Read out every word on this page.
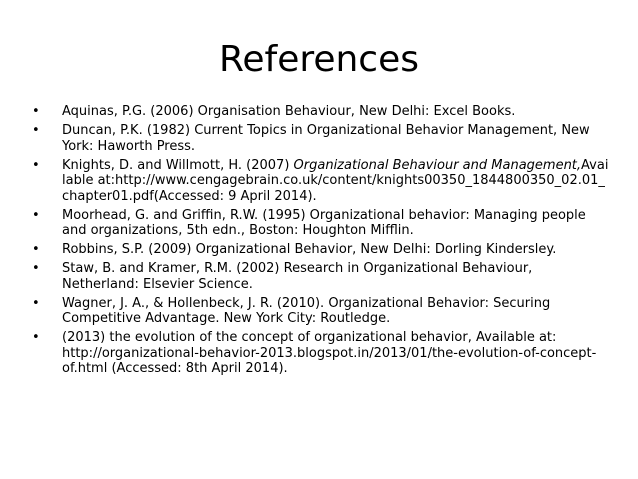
References
• Aquinas, P.G. (2006) Organisation Behaviour, New Delhi: Excel Books.
• Duncan, P.K. (1982) Current Topics in Organizational Behavior Management, New York: Haworth Press.
• Knights, D. and Willmott, H. (2007) Organizational Behaviour and Management,Available at:http://www.cengagebrain.co.uk/content/knights00350_1844800350_02.01_chapter01.pdf(Accessed: 9 April 2014).
• Moorhead, G. and Griffin, R.W. (1995) Organizational behavior: Managing people and organizations, 5th edn., Boston: Houghton Mifflin.
• Robbins, S.P. (2009) Organizational Behavior, New Delhi: Dorling Kindersley.
• Staw, B. and Kramer, R.M. (2002) Research in Organizational Behaviour, Netherland: Elsevier Science.
• Wagner, J. A., & Hollenbeck, J. R. (2010). Organizational Behavior: Securing Competitive Advantage. New York City: Routledge.
• (2013) the evolution of the concept of organizational behavior, Available at: http://organizational-behavior-2013.blogspot.in/2013/01/the-evolution-of-concept-of.html (Accessed: 8th April 2014).
